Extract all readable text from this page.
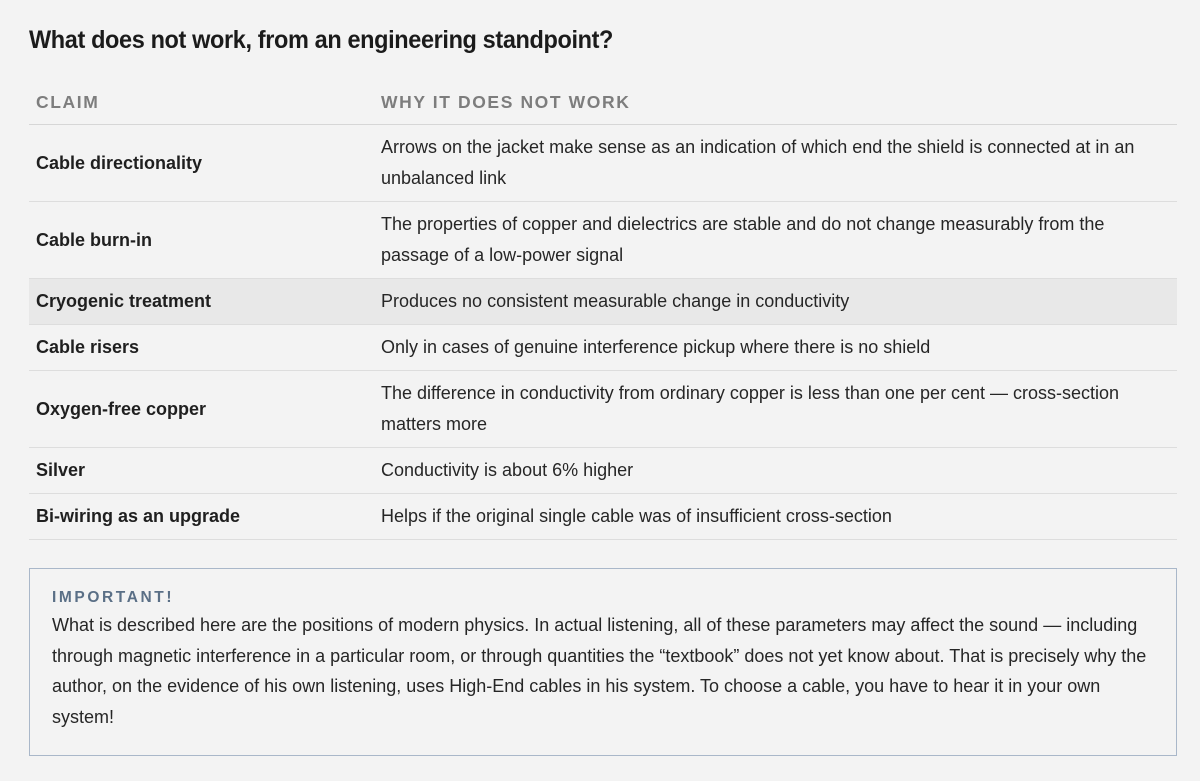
What does not work, from an engineering standpoint?
CLAIM	WHY IT DOES NOT WORK
Cable directionality	Arrows on the jacket make sense as an indication of which end the shield is connected at in an unbalanced link
Cable burn-in	The properties of copper and dielectrics are stable and do not change measurably from the passage of a low-power signal
Cryogenic treatment	Produces no consistent measurable change in conductivity
Cable risers	Only in cases of genuine interference pickup where there is no shield
Oxygen-free copper	The difference in conductivity from ordinary copper is less than one per cent — cross-section matters more
Silver	Conductivity is about 6% higher
Bi-wiring as an upgrade	Helps if the original single cable was of insufficient cross-section
IMPORTANT!

What is described here are the positions of modern physics. In actual listening, all of these parameters may affect the sound — including through magnetic interference in a particular room, or through quantities the “textbook” does not yet know about. That is precisely why the author, on the evidence of his own listening, uses High-End cables in his system. To choose a cable, you have to hear it in your own system!
